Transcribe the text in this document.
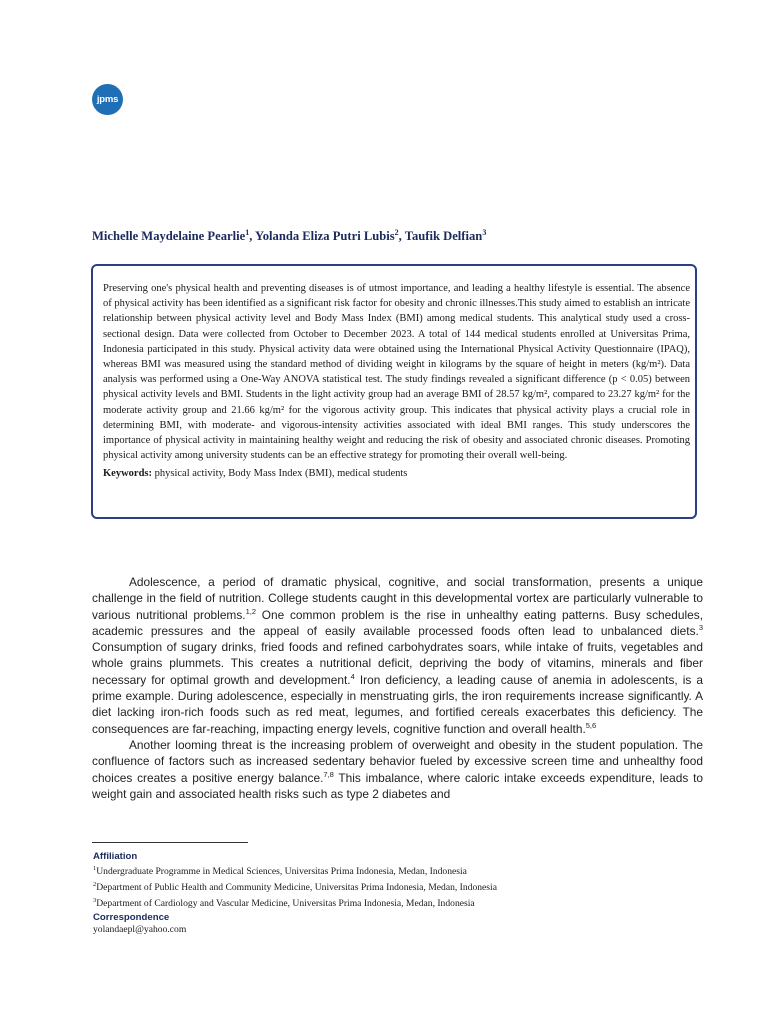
jpms
Michelle Maydelaine Pearlie$^1$, Yolanda Eliza Putri Lubis$^2$, Taufik Delfian$^3$

Preserving one's physical health and preventing diseases is of utmost importance, and leading a healthy lifestyle is essential. The absence of physical activity has been identified as a significant risk factor for obesity and chronic illnesses.This study aimed to establish an intricate relationship between physical activity level and Body Mass Index (BMI) among medical students. This analytical study used a cross-sectional design. Data were collected from October to December 2023. A total of 144 medical students enrolled at Universitas Prima, Indonesia participated in this study. Physical activity data were obtained using the International Physical Activity Questionnaire (IPAQ), whereas BMI was measured using the standard method of dividing weight in kilograms by the square of height in meters (kg/m²). Data analysis was performed using a One-Way ANOVA statistical test. The study findings revealed a significant difference (p < 0.05) between physical activity levels and BMI. Students in the light activity group had an average BMI of 28.57 kg/m², compared to 23.27 kg/m² for the moderate activity group and 21.66 kg/m² for the vigorous activity group. This indicates that physical activity plays a crucial role in determining BMI, with moderate- and vigorous-intensity activities associated with ideal BMI ranges. This study underscores the importance of physical activity in maintaining healthy weight and reducing the risk of obesity and associated chronic diseases. Promoting physical activity among university students can be an effective strategy for promoting their overall well-being.

Keywords: physical activity, Body Mass Index (BMI), medical students

Adolescence, a period of dramatic physical, cognitive, and social transformation, presents a unique challenge in the field of nutrition. College students caught in this developmental vortex are particularly vulnerable to various nutritional problems.$^{1,2}$ One common problem is the rise in unhealthy eating patterns. Busy schedules, academic pressures and the appeal of easily available processed foods often lead to unbalanced diets.$^3$ Consumption of sugary drinks, fried foods and refined carbohydrates soars, while intake of fruits, vegetables and whole grains plummets. This creates a nutritional deficit, depriving the body of vitamins, minerals and fiber necessary for optimal growth and development.$^4$ Iron deficiency, a leading cause of anemia in adolescents, is a prime example. During adolescence, especially in menstruating girls, the iron requirements increase significantly. A diet lacking iron-rich foods such as red meat, legumes, and fortified cereals exacerbates this deficiency. The consequences are far-reaching, impacting energy levels, cognitive function and overall health.$^{5,6}$

Another looming threat is the increasing problem of overweight and obesity in the student population. The confluence of factors such as increased sedentary behavior fueled by excessive screen time and unhealthy food choices creates a positive energy balance.$^{7,8}$ This imbalance, where caloric intake exceeds expenditure, leads to weight gain and associated health risks such as type 2 diabetes and

Affiliation
$^1$Undergraduate Programme in Medical Sciences, Universitas Prima Indonesia, Medan, Indonesia
$^2$Department of Public Health and Community Medicine, Universitas Prima Indonesia, Medan, Indonesia
$^3$Department of Cardiology and Vascular Medicine, Universitas Prima Indonesia, Medan, Indonesia
Correspondence
yolandaepl@yahoo.com
